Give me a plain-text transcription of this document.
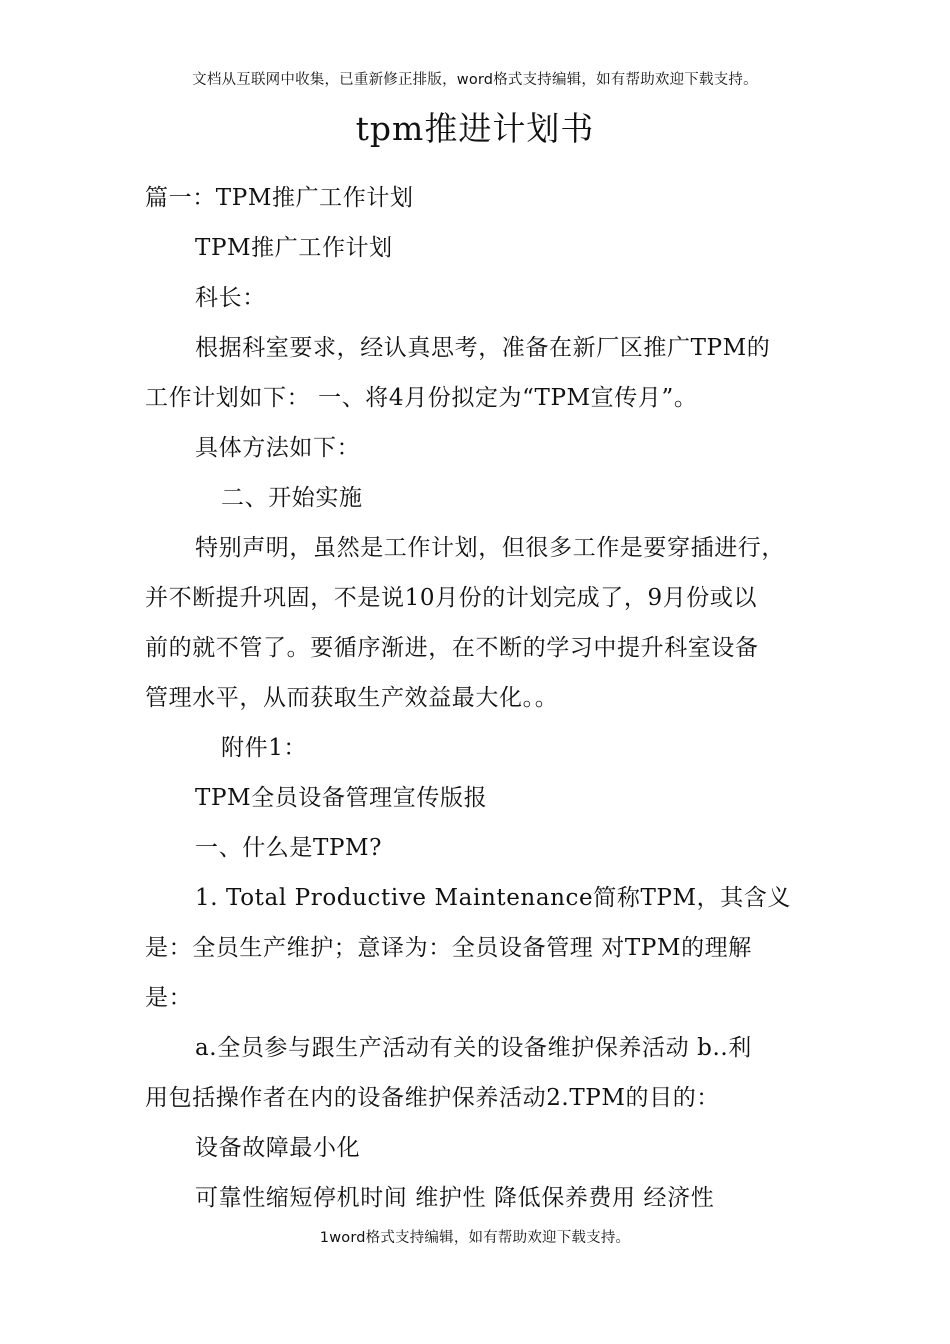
文档从互联网中收集，已重新修正排版，word格式支持编辑，如有帮助欢迎下载支持。
tpm推进计划书
篇一：TPM推广工作计划
TPM推广工作计划
科长：
根据科室要求，经认真思考，准备在新厂区推广TPM的
工作计划如下： 一、将4月份拟定为“TPM宣传月”。
具体方法如下：
二、开始实施
特别声明，虽然是工作计划，但很多工作是要穿插进行，
并不断提升巩固，不是说10月份的计划完成了，9月份或以
前的就不管了。要循序渐进，在不断的学习中提升科室设备
管理水平，从而获取生产效益最大化。。
附件1：
TPM全员设备管理宣传版报
一、什么是TPM?
1. Total Productive Maintenance简称TPM，其含义
是：全员生产维护；意译为：全员设备管理 对TPM的理解
是：
a.全员参与跟生产活动有关的设备维护保养活动 b..利
用包括操作者在内的设备维护保养活动2.TPM的目的：
设备故障最小化
可靠性缩短停机时间 维护性 降低保养费用 经济性
1word格式支持编辑，如有帮助欢迎下载支持。
